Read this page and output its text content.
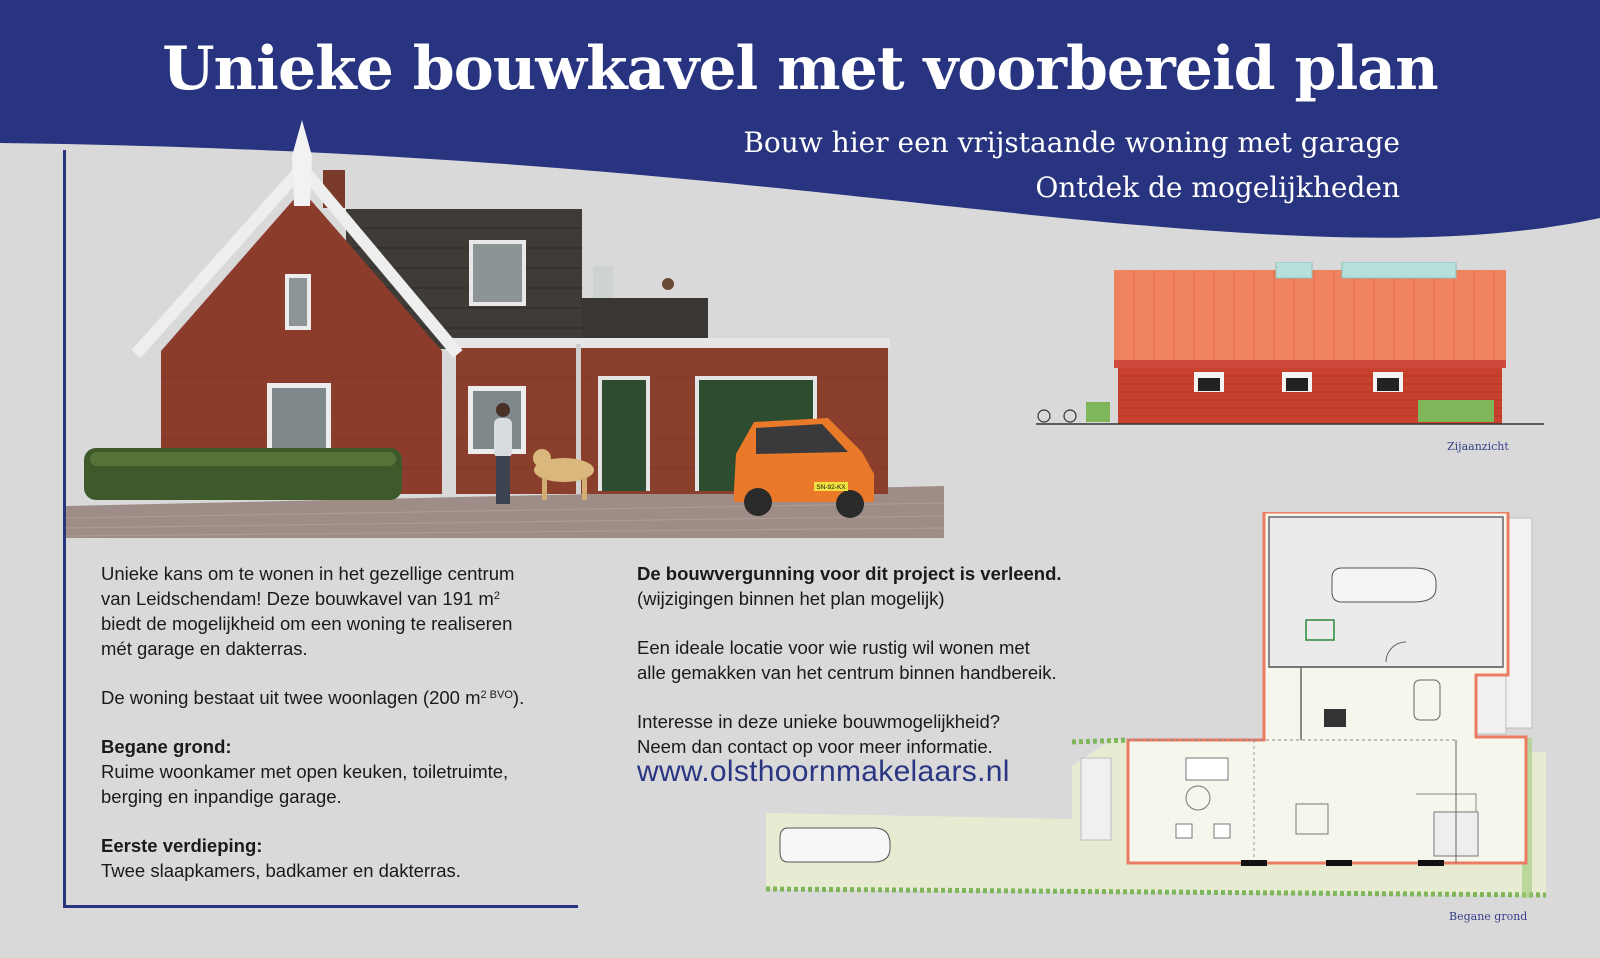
Unieke bouwkavel met voorbereid plan

Bouw hier een vrijstaande woning met garage

Ontdek de mogelijkheden

SN-92-KX

Zijaanzicht

Begane grond

Unieke kans om te wonen in het gezellige centrum

van Leidschendam! Deze bouwkavel van 191 $m^2$

biedt de mogelijkheid om een woning te realiseren

mét garage en dakterras.

De woning bestaat uit twee woonlagen (200 $m^{2 BVO}$).

Begane grond:

Ruime woonkamer met open keuken, toiletruimte,

berging en inpandige garage.

Eerste verdieping:

Twee slaapkamers, badkamer en dakterras.

De bouwvergunning voor dit project is verleend.

(wijzigingen binnen het plan mogelijk)

Een ideale locatie voor wie rustig wil wonen met

alle gemakken van het centrum binnen handbereik.

Interesse in deze unieke bouwmogelijkheid?

Neem dan contact op voor meer informatie.

www.olsthoornmakelaars.nl
